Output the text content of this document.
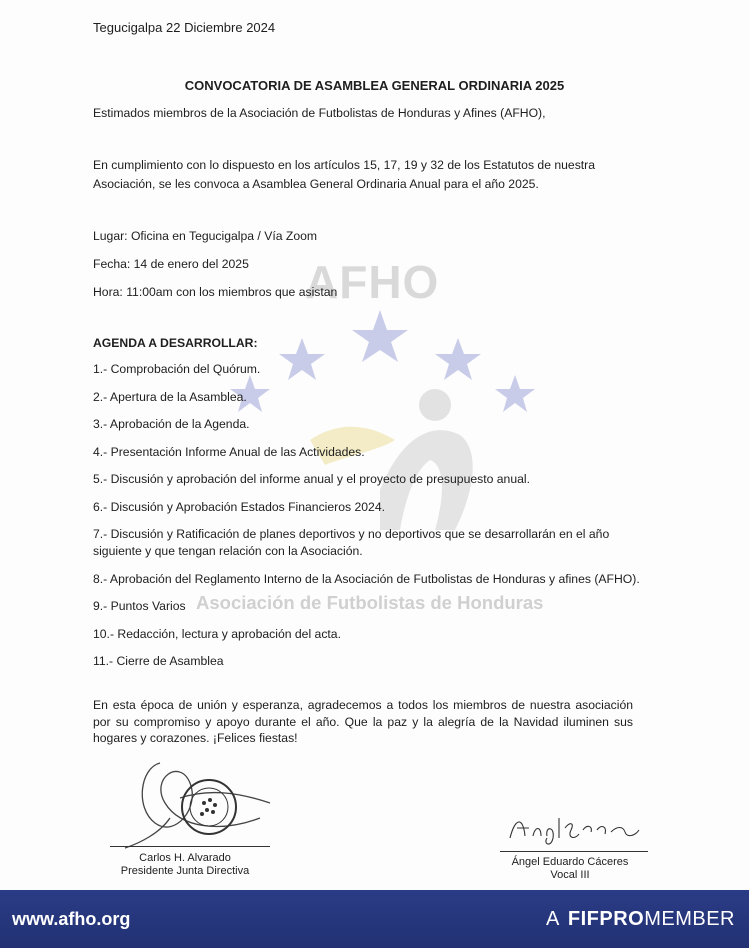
AFHO
Asociación de Futbolistas de Honduras
Tegucigalpa 22 Diciembre 2024
CONVOCATORIA DE ASAMBLEA GENERAL ORDINARIA 2025
Estimados miembros de la Asociación de Futbolistas de Honduras y Afines (AFHO),
En cumplimiento con lo dispuesto en los artículos 15, 17, 19 y 32 de los Estatutos de nuestra Asociación, se les convoca a Asamblea General Ordinaria Anual para el año 2025.
Lugar: Oficina en Tegucigalpa / Vía Zoom
Fecha: 14 de enero del 2025
Hora: 11:00am con los miembros que asistan
AGENDA A DESARROLLAR:
1.- Comprobación del Quórum.
2.- Apertura de la Asamblea.
3.- Aprobación de la Agenda.
4.- Presentación Informe Anual de las Actividades.
5.- Discusión y aprobación del informe anual y el proyecto de presupuesto anual.
6.- Discusión y Aprobación Estados Financieros 2024.
7.- Discusión y Ratificación de planes deportivos y no deportivos que se desarrollarán en el año siguiente y que tengan relación con la Asociación.
8.- Aprobación del Reglamento Interno de la Asociación de Futbolistas de Honduras y afines (AFHO).
9.- Puntos Varios
10.- Redacción, lectura y aprobación del acta.
11.- Cierre de Asamblea
En esta época de unión y esperanza, agradecemos a todos los miembros de nuestra asociación por su compromiso y apoyo durante el año. Que la paz y la alegría de la Navidad iluminen sus hogares y corazones. ¡Felices fiestas!
Carlos H. Alvarado
Presidente Junta Directiva
Ángel Eduardo Cáceres
Vocal III
www.afho.org	A FIFPROMEMBER
